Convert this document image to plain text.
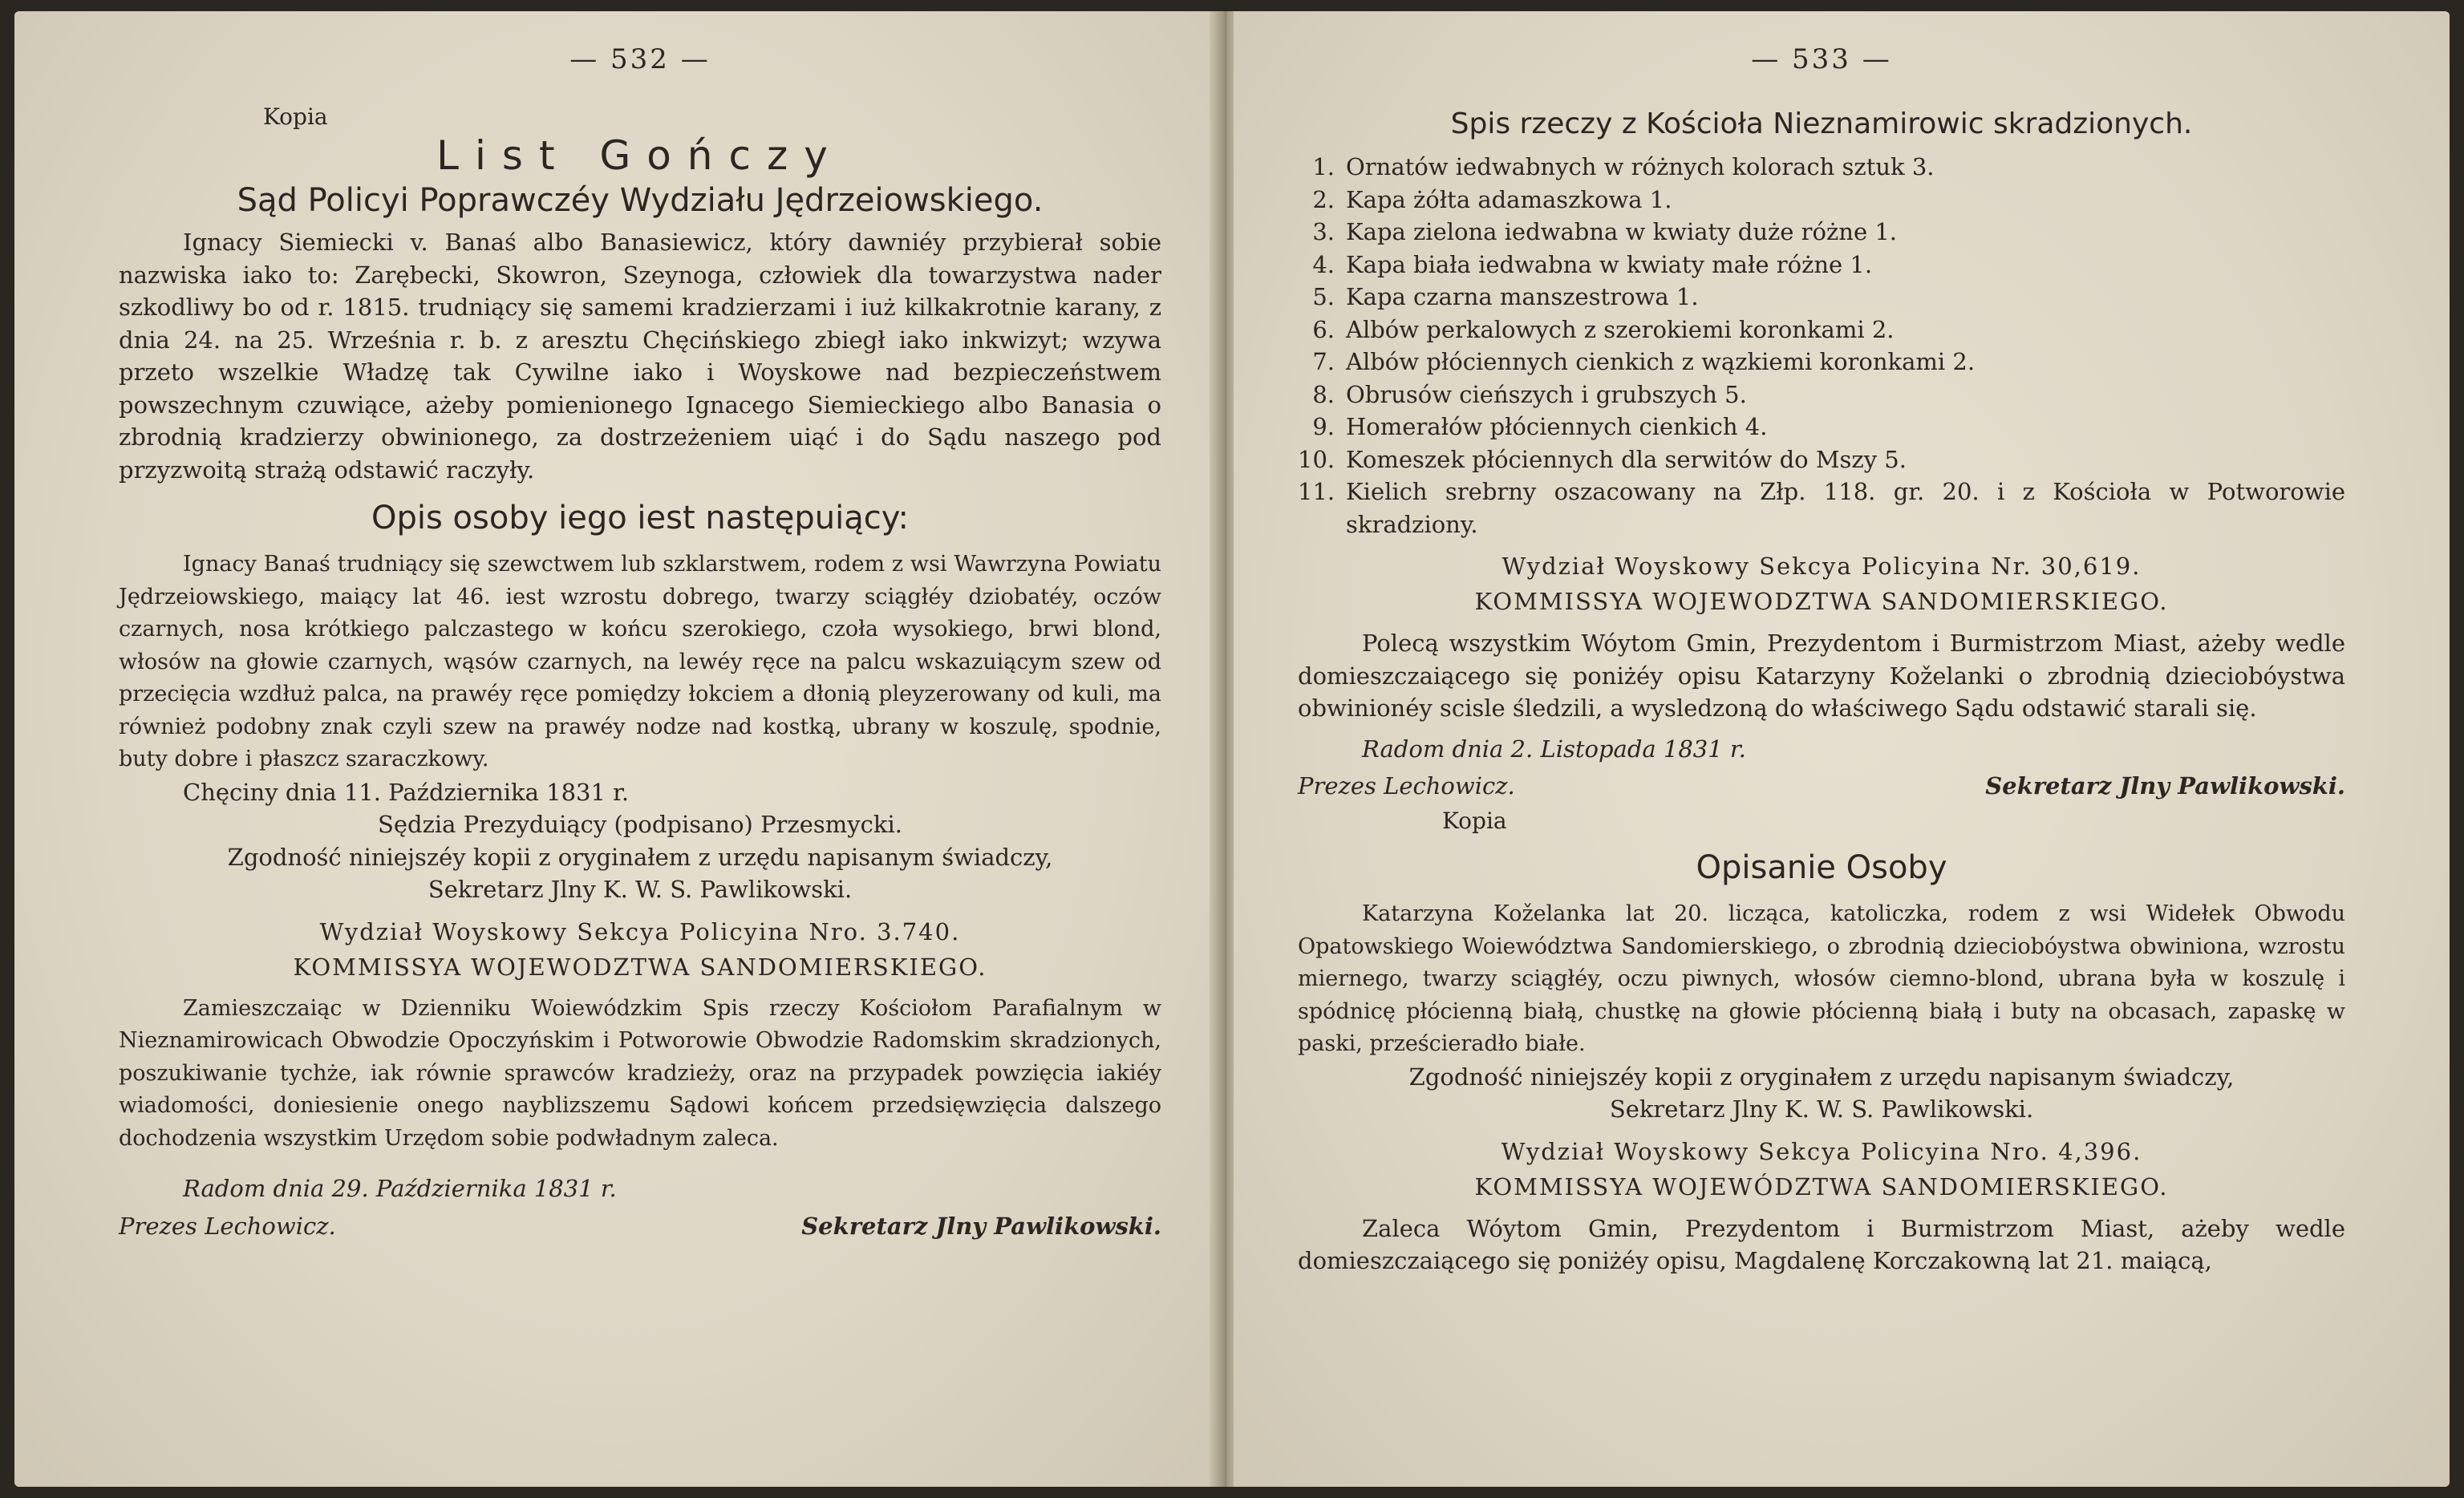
— 532 —
Kopia
List Gończy
Sąd Policyi Poprawczéy Wydziału Jędrzeiowskiego.

Ignacy Siemiecki v. Banaś albo Banasiewicz, który dawniéy przybierał sobie nazwiska iako to: Zarębecki, Skowron, Szeynoga, człowiek dla towarzystwa nader szkodliwy bo od r. 1815. trudniący się samemi kradzierzami i iuż kilkakrotnie karany, z dnia 24. na 25. Września r. b. z aresztu Chęcińskiego zbiegł iako inkwizyt; wzywa przeto wszelkie Władzę tak Cywilne iako i Woyskowe nad bezpieczeństwem powszechnym czuwiące, ażeby pomienionego Ignacego Siemieckiego albo Banasia o zbrodnią kradzierzy obwinionego, za dostrzeżeniem uiąć i do Sądu naszego pod przyzwoitą strażą odstawić raczyły.

Opis osoby iego iest następuiący:

Ignacy Banaś trudniący się szewctwem lub szklarstwem, rodem z wsi Wawrzyna Powiatu Jędrzeiowskiego, maiący lat 46. iest wzrostu dobrego, twarzy sciągłéy dziobatéy, oczów czarnych, nosa krótkiego palczastego w końcu szerokiego, czoła wysokiego, brwi blond, włosów na głowie czarnych, wąsów czarnych, na lewéy ręce na palcu wskazuiącym szew od przecięcia wzdłuż palca, na prawéy ręce pomiędzy łokciem a dłonią pleyzerowany od kuli, ma również podobny znak czyli szew na prawéy nodze nad kostką, ubrany w koszulę, spodnie, buty dobre i płaszcz szaraczkowy.

Chęciny dnia 11. Października 1831 r.

Sędzia Prezyduiący (podpisano) Przesmycki.

Zgodność niniejszéy kopii z oryginałem z urzędu napisanym świadczy,

Sekretarz Jlny K. W. S. Pawlikowski.

Wydział Woyskowy Sekcya Policyina Nro. 3.740.
KOMMISSYA WOJEWODZTWA SANDOMIERSKIEGO.

Zamieszczaiąc w Dzienniku Woiewódzkim Spis rzeczy Kościołom Parafialnym w Nieznamirowicach Obwodzie Opoczyńskim i Potworowie Obwodzie Radomskim skradzionych, poszukiwanie tychże, iak równie sprawców kradzieży, oraz na przypadek powzięcia iakiéy wiadomości, doniesienie onego nayblizszemu Sądowi końcem przedsięwzięcia dalszego dochodzenia wszystkim Urzędom sobie podwładnym zaleca.

Radom dnia 29. Października 1831 r.

Prezes Lechowicz.	Sekretarz Jlny Pawlikowski.
— 533 —
Spis rzeczy z Kościoła Nieznamirowic skradzionych.
1. Ornatów iedwabnych w różnych kolorach sztuk 3.
2. Kapa żółta adamaszkowa 1.
3. Kapa zielona iedwabna w kwiaty duże różne 1.
4. Kapa biała iedwabna w kwiaty małe różne 1.
5. Kapa czarna manszestrowa 1.
6. Albów perkalowych z szerokiemi koronkami 2.
7. Albów płóciennych cienkich z wązkiemi koronkami 2.
8. Obrusów cieńszych i grubszych 5.
9. Homerałów płóciennych cienkich 4.
10. Komeszek płóciennych dla serwitów do Mszy 5.
11. Kielich srebrny oszacowany na Złp. 118. gr. 20. i z Kościoła w Potworowie skradziony.
Wydział Woyskowy Sekcya Policyina Nr. 30,619.
KOMMISSYA WOJEWODZTWA SANDOMIERSKIEGO.

Polecą wszystkim Wóytom Gmin, Prezydentom i Burmistrzom Miast, ażeby wedle domieszczaiącego się poniżéy opisu Katarzyny Koželanki o zbrodnią dzieciobóystwa obwinionéy scisle śledzili, a wysledzoną do właściwego Sądu odstawić starali się.

Radom dnia 2. Listopada 1831 r.

Prezes Lechowicz.	Sekretarz Jlny Pawlikowski.
Kopia
Opisanie Osoby

Katarzyna Koželanka lat 20. licząca, katoliczka, rodem z wsi Widełek Obwodu Opatowskiego Woiewództwa Sandomierskiego, o zbrodnią dzieciobóystwa obwiniona, wzrostu miernego, twarzy sciągłéy, oczu piwnych, włosów ciemno-blond, ubrana była w koszulę i spódnicę płócienną białą, chustkę na głowie płócienną białą i buty na obcasach, zapaskę w paski, prześcieradło białe.

Zgodność niniejszéy kopii z oryginałem z urzędu napisanym świadczy,

Sekretarz Jlny K. W. S. Pawlikowski.

Wydział Woyskowy Sekcya Policyina Nro. 4,396.
KOMMISSYA WOJEWÓDZTWA SANDOMIERSKIEGO.

Zaleca Wóytom Gmin, Prezydentom i Burmistrzom Miast, ażeby wedle domieszczaiącego się poniżéy opisu, Magdalenę Korczakowną lat 21. maiącą,
